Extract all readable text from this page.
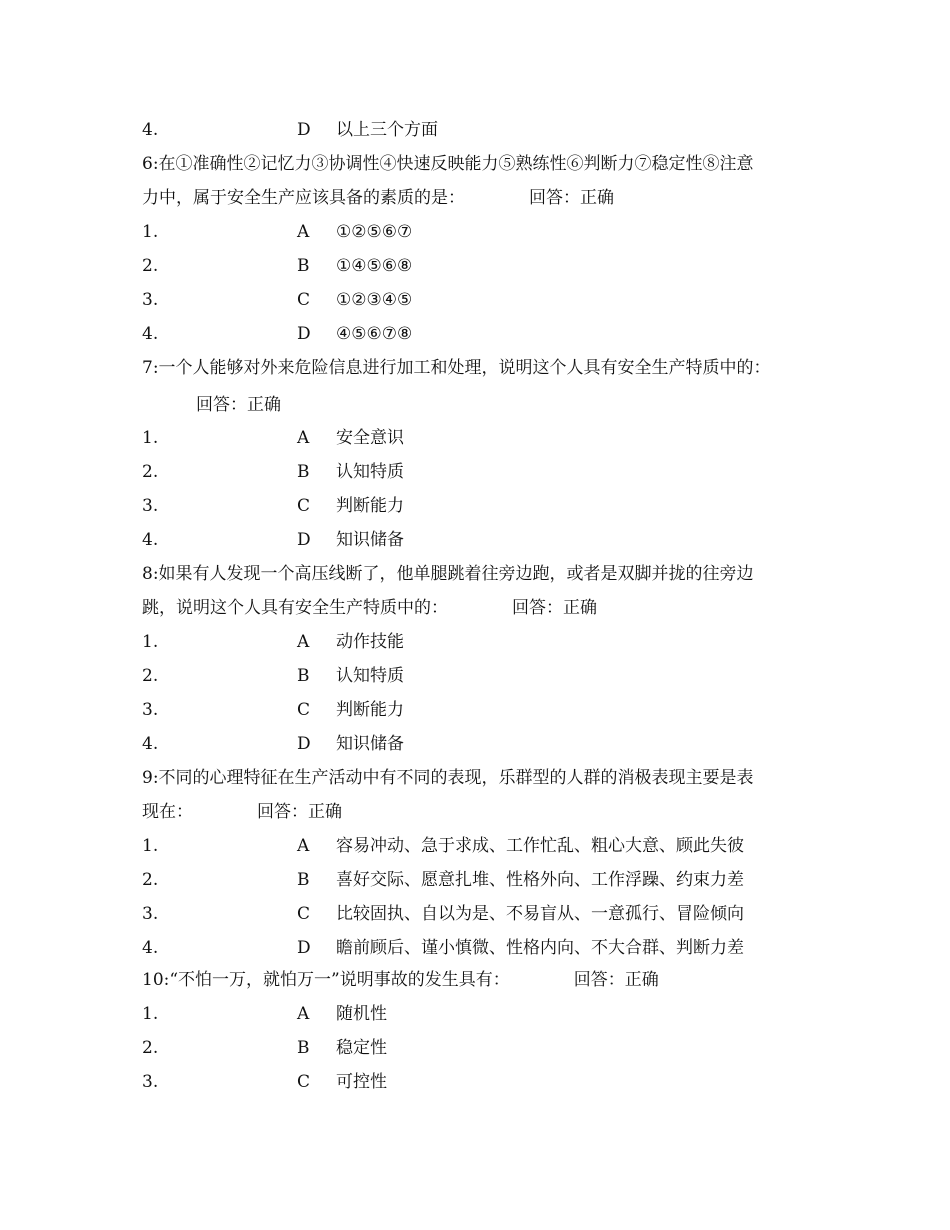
4.	D 以上三个方面
6:在①准确性②记忆力③协调性④快速反映能力⑤熟练性⑥判断力⑦稳定性⑧注意
力中，属于安全生产应该具备的素质的是：	回答：正确
1.	A ①②⑤⑥⑦
2.	B ①④⑤⑥⑧
3.	C ①②③④⑤
4.	D ④⑤⑥⑦⑧
7:一个人能够对外来危险信息进行加工和处理，说明这个人具有安全生产特质中的：
回答：正确
1.	A 安全意识
2.	B 认知特质
3.	C 判断能力
4.	D 知识储备
8:如果有人发现一个高压线断了，他单腿跳着往旁边跑，或者是双脚并拢的往旁边
跳，说明这个人具有安全生产特质中的：	回答：正确
1.	A 动作技能
2.	B 认知特质
3.	C 判断能力
4.	D 知识储备
9:不同的心理特征在生产活动中有不同的表现，乐群型的人群的消极表现主要是表
现在：	回答：正确
1.	A 容易冲动、急于求成、工作忙乱、粗心大意、顾此失彼
2.	B 喜好交际、愿意扎堆、性格外向、工作浮躁、约束力差
3.	C 比较固执、自以为是、不易盲从、一意孤行、冒险倾向
4.	D 瞻前顾后、谨小慎微、性格内向、不大合群、判断力差
10:“不怕一万，就怕万一”说明事故的发生具有：	回答：正确
1.	A 随机性
2.	B 稳定性
3.	C 可控性
